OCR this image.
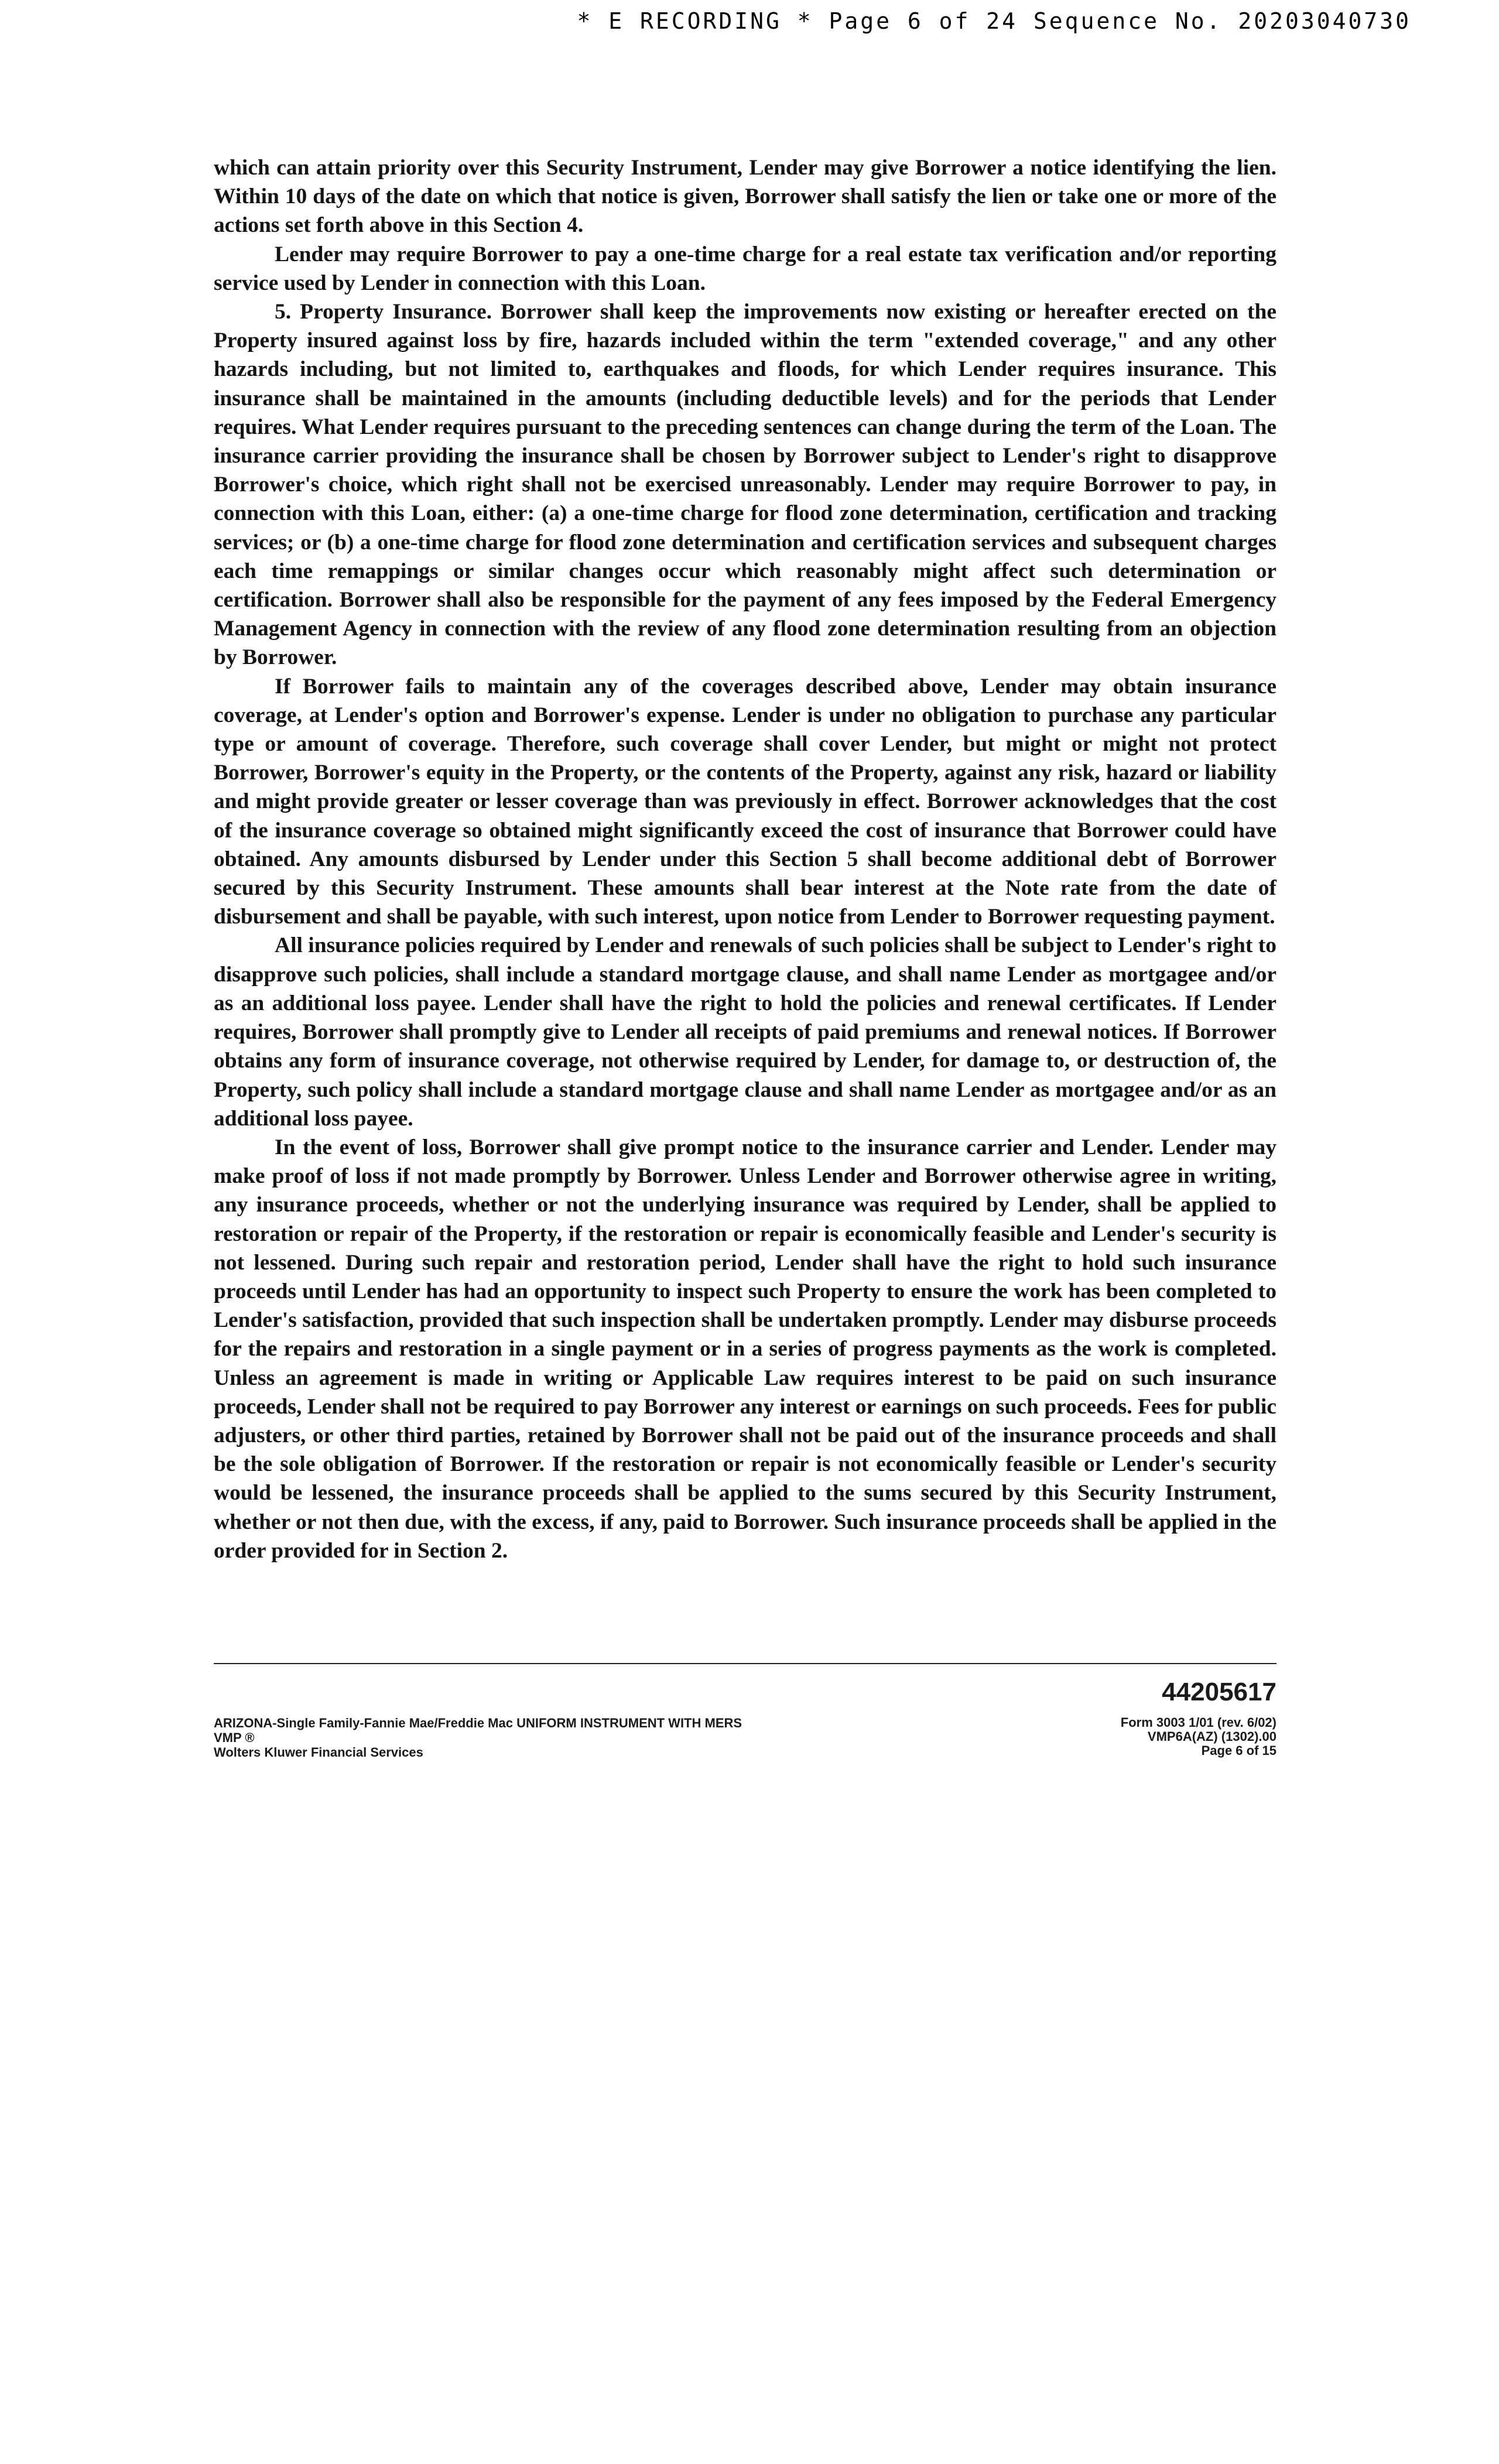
* E RECORDING * Page 6 of 24 Sequence No. 20203040730

which can attain priority over this Security Instrument, Lender may give Borrower a notice identifying the lien. Within 10 days of the date on which that notice is given, Borrower shall satisfy the lien or take one or more of the actions set forth above in this Section 4.

Lender may require Borrower to pay a one-time charge for a real estate tax verification and/or reporting service used by Lender in connection with this Loan.

5. Property Insurance. Borrower shall keep the improvements now existing or hereafter erected on the Property insured against loss by fire, hazards included within the term "extended coverage," and any other hazards including, but not limited to, earthquakes and floods, for which Lender requires insurance. This insurance shall be maintained in the amounts (including deductible levels) and for the periods that Lender requires. What Lender requires pursuant to the preceding sentences can change during the term of the Loan. The insurance carrier providing the insurance shall be chosen by Borrower subject to Lender's right to disapprove Borrower's choice, which right shall not be exercised unreasonably. Lender may require Borrower to pay, in connection with this Loan, either: (a) a one-time charge for flood zone determination, certification and tracking services; or (b) a one-time charge for flood zone determination and certification services and subsequent charges each time remappings or similar changes occur which reasonably might affect such determination or certification. Borrower shall also be responsible for the payment of any fees imposed by the Federal Emergency Management Agency in connection with the review of any flood zone determination resulting from an objection by Borrower.

If Borrower fails to maintain any of the coverages described above, Lender may obtain insurance coverage, at Lender's option and Borrower's expense. Lender is under no obligation to purchase any particular type or amount of coverage. Therefore, such coverage shall cover Lender, but might or might not protect Borrower, Borrower's equity in the Property, or the contents of the Property, against any risk, hazard or liability and might provide greater or lesser coverage than was previously in effect. Borrower acknowledges that the cost of the insurance coverage so obtained might significantly exceed the cost of insurance that Borrower could have obtained. Any amounts disbursed by Lender under this Section 5 shall become additional debt of Borrower secured by this Security Instrument. These amounts shall bear interest at the Note rate from the date of disbursement and shall be payable, with such interest, upon notice from Lender to Borrower requesting payment.

All insurance policies required by Lender and renewals of such policies shall be subject to Lender's right to disapprove such policies, shall include a standard mortgage clause, and shall name Lender as mortgagee and/or as an additional loss payee. Lender shall have the right to hold the policies and renewal certificates. If Lender requires, Borrower shall promptly give to Lender all receipts of paid premiums and renewal notices. If Borrower obtains any form of insurance coverage, not otherwise required by Lender, for damage to, or destruction of, the Property, such policy shall include a standard mortgage clause and shall name Lender as mortgagee and/or as an additional loss payee.

In the event of loss, Borrower shall give prompt notice to the insurance carrier and Lender. Lender may make proof of loss if not made promptly by Borrower. Unless Lender and Borrower otherwise agree in writing, any insurance proceeds, whether or not the underlying insurance was required by Lender, shall be applied to restoration or repair of the Property, if the restoration or repair is economically feasible and Lender's security is not lessened. During such repair and restoration period, Lender shall have the right to hold such insurance proceeds until Lender has had an opportunity to inspect such Property to ensure the work has been completed to Lender's satisfaction, provided that such inspection shall be undertaken promptly. Lender may disburse proceeds for the repairs and restoration in a single payment or in a series of progress payments as the work is completed. Unless an agreement is made in writing or Applicable Law requires interest to be paid on such insurance proceeds, Lender shall not be required to pay Borrower any interest or earnings on such proceeds. Fees for public adjusters, or other third parties, retained by Borrower shall not be paid out of the insurance proceeds and shall be the sole obligation of Borrower. If the restoration or repair is not economically feasible or Lender's security would be lessened, the insurance proceeds shall be applied to the sums secured by this Security Instrument, whether or not then due, with the excess, if any, paid to Borrower. Such insurance proceeds shall be applied in the order provided for in Section 2.

ARIZONA-Single Family-Fannie Mae/Freddie Mac UNIFORM INSTRUMENT WITH MERS
VMP ®
Wolters Kluwer Financial Services
44205617
Form 3003 1/01 (rev. 6/02)
VMP6A(AZ) (1302).00
Page 6 of 15
